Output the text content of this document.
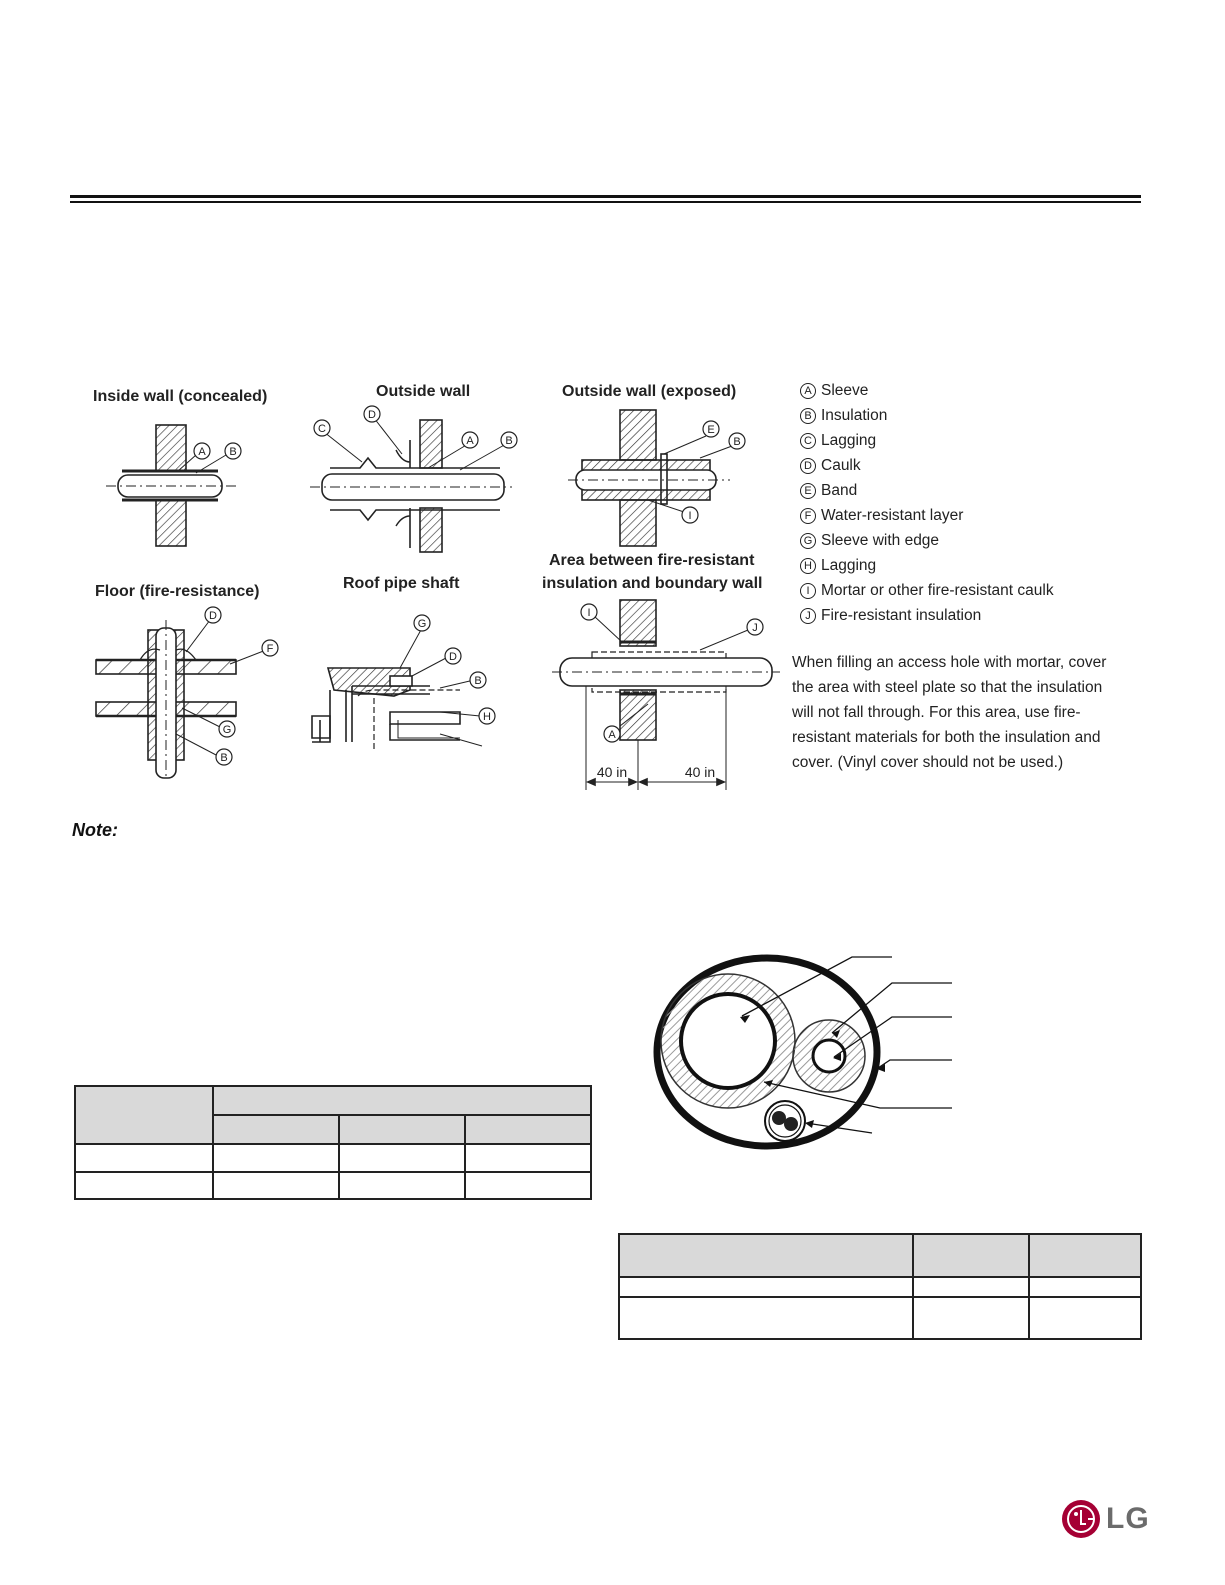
Inside wall (concealed)	Outside wall	Outside wall (exposed)
Floor (fire-resistance)	Roof pipe shaft
Area between fire-resistant
insulation and boundary wall
A B
C
D
A	B
E
B
I
D
F
G
B
G
D
B
H
I
J
A
40 in	40 in
A Sleeve
B Insulation
C Lagging
D Caulk
E Band
F Water-resistant layer
G Sleeve with edge
H Lagging
I Mortar or other fire-resistant caulk
J Fire-resistant insulation
When filling an access hole with mortar, cover the area with steel plate so that the insulation will not fall through. For this area, use fire-resistant materials for both the insulation and cover. (Vinyl cover should not be used.)
Note:

LG
